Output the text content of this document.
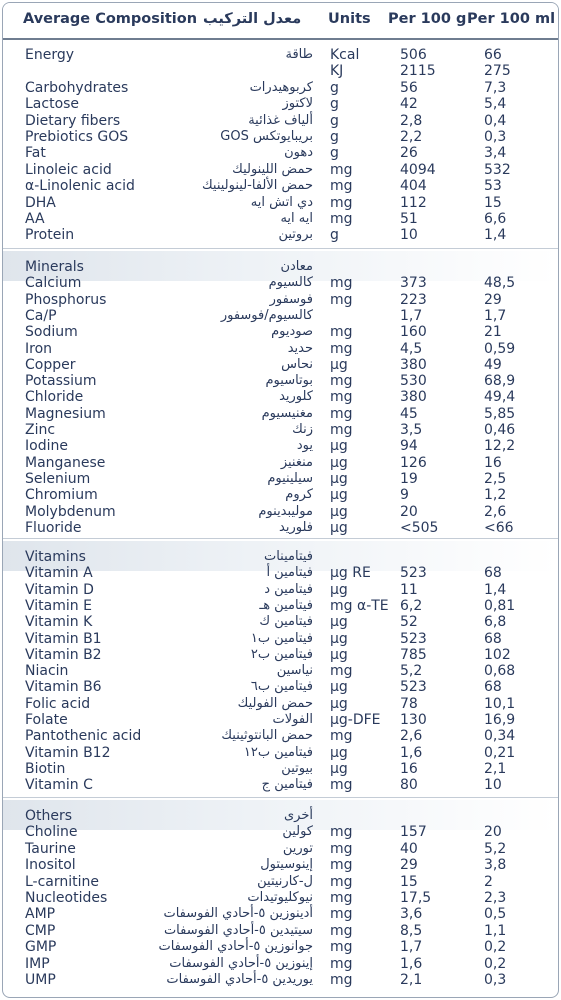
Average Composition معدل التركيب Units Per 100 g Per 100 ml
Energy	طاقة Kcal	506	66
KJ	2115	275
Carbohydrates	كربوهيدرات g	56	7,3
Lactose	لاكتوز g	42	5,4
Dietary fibers	ألياف غذائية g	2,8	0,4
Prebiotics GOS	بريبايوتكس GOS g	2,2	0,3
Fat	دهون g	26	3,4
Linoleic acid	حمض اللينوليك mg	4094	532
α-Linolenic acid	حمض الألفا-لينولينيك mg	404	53
DHA	دي اتش ايه mg	112	15
AA	ايه ايه mg	51	6,6
Protein	بروتين g	10	1,4
Minerals	معادن
Calcium	كالسيوم mg	373	48,5
Phosphorus	فوسفور mg	223	29
Ca/P	كالسيوم/فوسفور	1,7	1,7
Sodium	صوديوم mg	160	21
Iron	حديد mg	4,5	0,59
Copper	نحاس µg	380	49
Potassium	بوتاسيوم mg	530	68,9
Chloride	كلوريد mg	380	49,4
Magnesium	مغنيسيوم mg	45	5,85
Zinc	زنك mg	3,5	0,46
Iodine	يود µg	94	12,2
Manganese	منغنيز µg	126	16
Selenium	سيلينيوم µg	19	2,5
Chromium	كروم µg	9	1,2
Molybdenum	موليبدينوم µg	20	2,6
Fluoride	فلوريد µg	<505	<66
Vitamins	فيتامينات
Vitamin A	فيتامين أ µg RE 523	68
Vitamin D	فيتامين د µg	11	1,4
Vitamin E	فيتامين هـ mg α-TE 6,2	0,81
Vitamin K	فيتامين ك µg	52	6,8
Vitamin B1	فيتامين ب١ µg	523	68
Vitamin B2	فيتامين ب٢ µg	785	102
Niacin	نياسين mg	5,2	0,68
Vitamin B6	فيتامين ب٦ µg	523	68
Folic acid	حمض الفوليك µg	78	10,1
Folate	الفولات µg-DFE 130	16,9
Pantothenic acid	حمض البانتوثينيك mg	2,6	0,34
Vitamin B12	فيتامين ب١٢ µg	1,6	0,21
Biotin	بيوتين µg	16	2,1
Vitamin C	فيتامين ج mg	80	10
Others	أخرى
Choline	كولين mg	157	20
Taurine	تورين mg	40	5,2
Inositol	إينوسيتول mg	29	3,8
L-carnitine	ل-كارنيتين mg	15	2
Nucleotides	نيوكليوتيدات mg	17,5	2,3
AMP	أدينوزين ٥-أحادي الفوسفات mg	3,6	0,5
CMP	سيتيدين ٥-أحادي الفوسفات mg	8,5	1,1
GMP	جوانوزين ٥-أحادي الفوسفات mg	1,7	0,2
IMP	إينوزين ٥-أحادي الفوسفات mg	1,6	0,2
UMP	يوريدين ٥-أحادي الفوسفات mg	2,1	0,3
